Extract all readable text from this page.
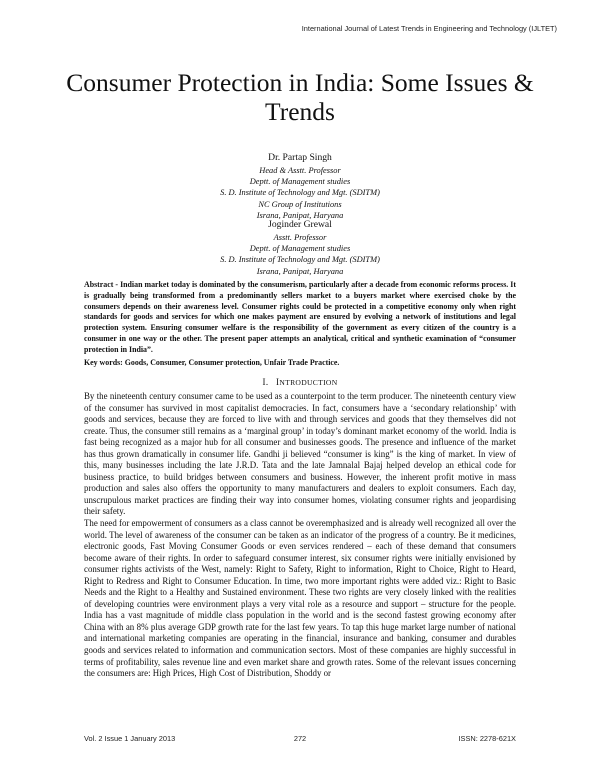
International Journal of Latest Trends in Engineering and Technology (IJLTET)
Consumer Protection in India: Some Issues & Trends
Dr. Partap Singh
Head & Asstt. Professor
Deptt. of Management studies
S. D. Institute of Technology and Mgt. (SDITM)
NC Group of Institutions
Israna, Panipat, Haryana
Joginder Grewal
Asstt. Professor
Deptt. of Management studies
S. D. Institute of Technology and Mgt. (SDITM)
Israna, Panipat, Haryana
Abstract - Indian market today is dominated by the consumerism, particularly after a decade from economic reforms process. It is gradually being transformed from a predominantly sellers market to a buyers market where exercised choke by the consumers depends on their awareness level. Consumer rights could be protected in a competitive economy only when right standards for goods and services for which one makes payment are ensured by evolving a network of institutions and legal protection system. Ensuring consumer welfare is the responsibility of the government as every citizen of the country is a consumer in one way or the other. The present paper attempts an analytical, critical and synthetic examination of “consumer protection in India”.
Key words: Goods, Consumer, Consumer protection, Unfair Trade Practice.
I. INTRODUCTION

By the nineteenth century consumer came to be used as a counterpoint to the term producer. The nineteenth century view of the consumer has survived in most capitalist democracies. In fact, consumers have a ‘secondary relationship’ with goods and services, because they are forced to live with and through services and goods that they themselves did not create. Thus, the consumer still remains as a ‘marginal group’ in today’s dominant market economy of the world. India is fast being recognized as a major hub for all consumer and businesses goods. The presence and influence of the market has thus grown dramatically in consumer life. Gandhi ji believed “consumer is king” is the king of market. In view of this, many businesses including the late J.R.D. Tata and the late Jamnalal Bajaj helped develop an ethical code for business practice, to build bridges between consumers and business. However, the inherent profit motive in mass production and sales also offers the opportunity to many manufacturers and dealers to exploit consumers. Each day, unscrupulous market practices are finding their way into consumer homes, violating consumer rights and jeopardising their safety.

The need for empowerment of consumers as a class cannot be overemphasized and is already well recognized all over the world. The level of awareness of the consumer can be taken as an indicator of the progress of a country. Be it medicines, electronic goods, Fast Moving Consumer Goods or even services rendered – each of these demand that consumers become aware of their rights. In order to safeguard consumer interest, six consumer rights were initially envisioned by consumer rights activists of the West, namely: Right to Safety, Right to information, Right to Choice, Right to Heard, Right to Redress and Right to Consumer Education. In time, two more important rights were added viz.: Right to Basic Needs and the Right to a Healthy and Sustained environment. These two rights are very closely linked with the realities of developing countries were environment plays a very vital role as a resource and support – structure for the people. India has a vast magnitude of middle class population in the world and is the second fastest growing economy after China with an 8% plus average GDP growth rate for the last few years. To tap this huge market large number of national and international marketing companies are operating in the financial, insurance and banking, consumer and durables goods and services related to information and communication sectors. Most of these companies are highly successful in terms of profitability, sales revenue line and even market share and growth rates. Some of the relevant issues concerning the consumers are: High Prices, High Cost of Distribution, Shoddy or

Vol. 2 Issue 1 January 2013	272	ISSN: 2278-621X
